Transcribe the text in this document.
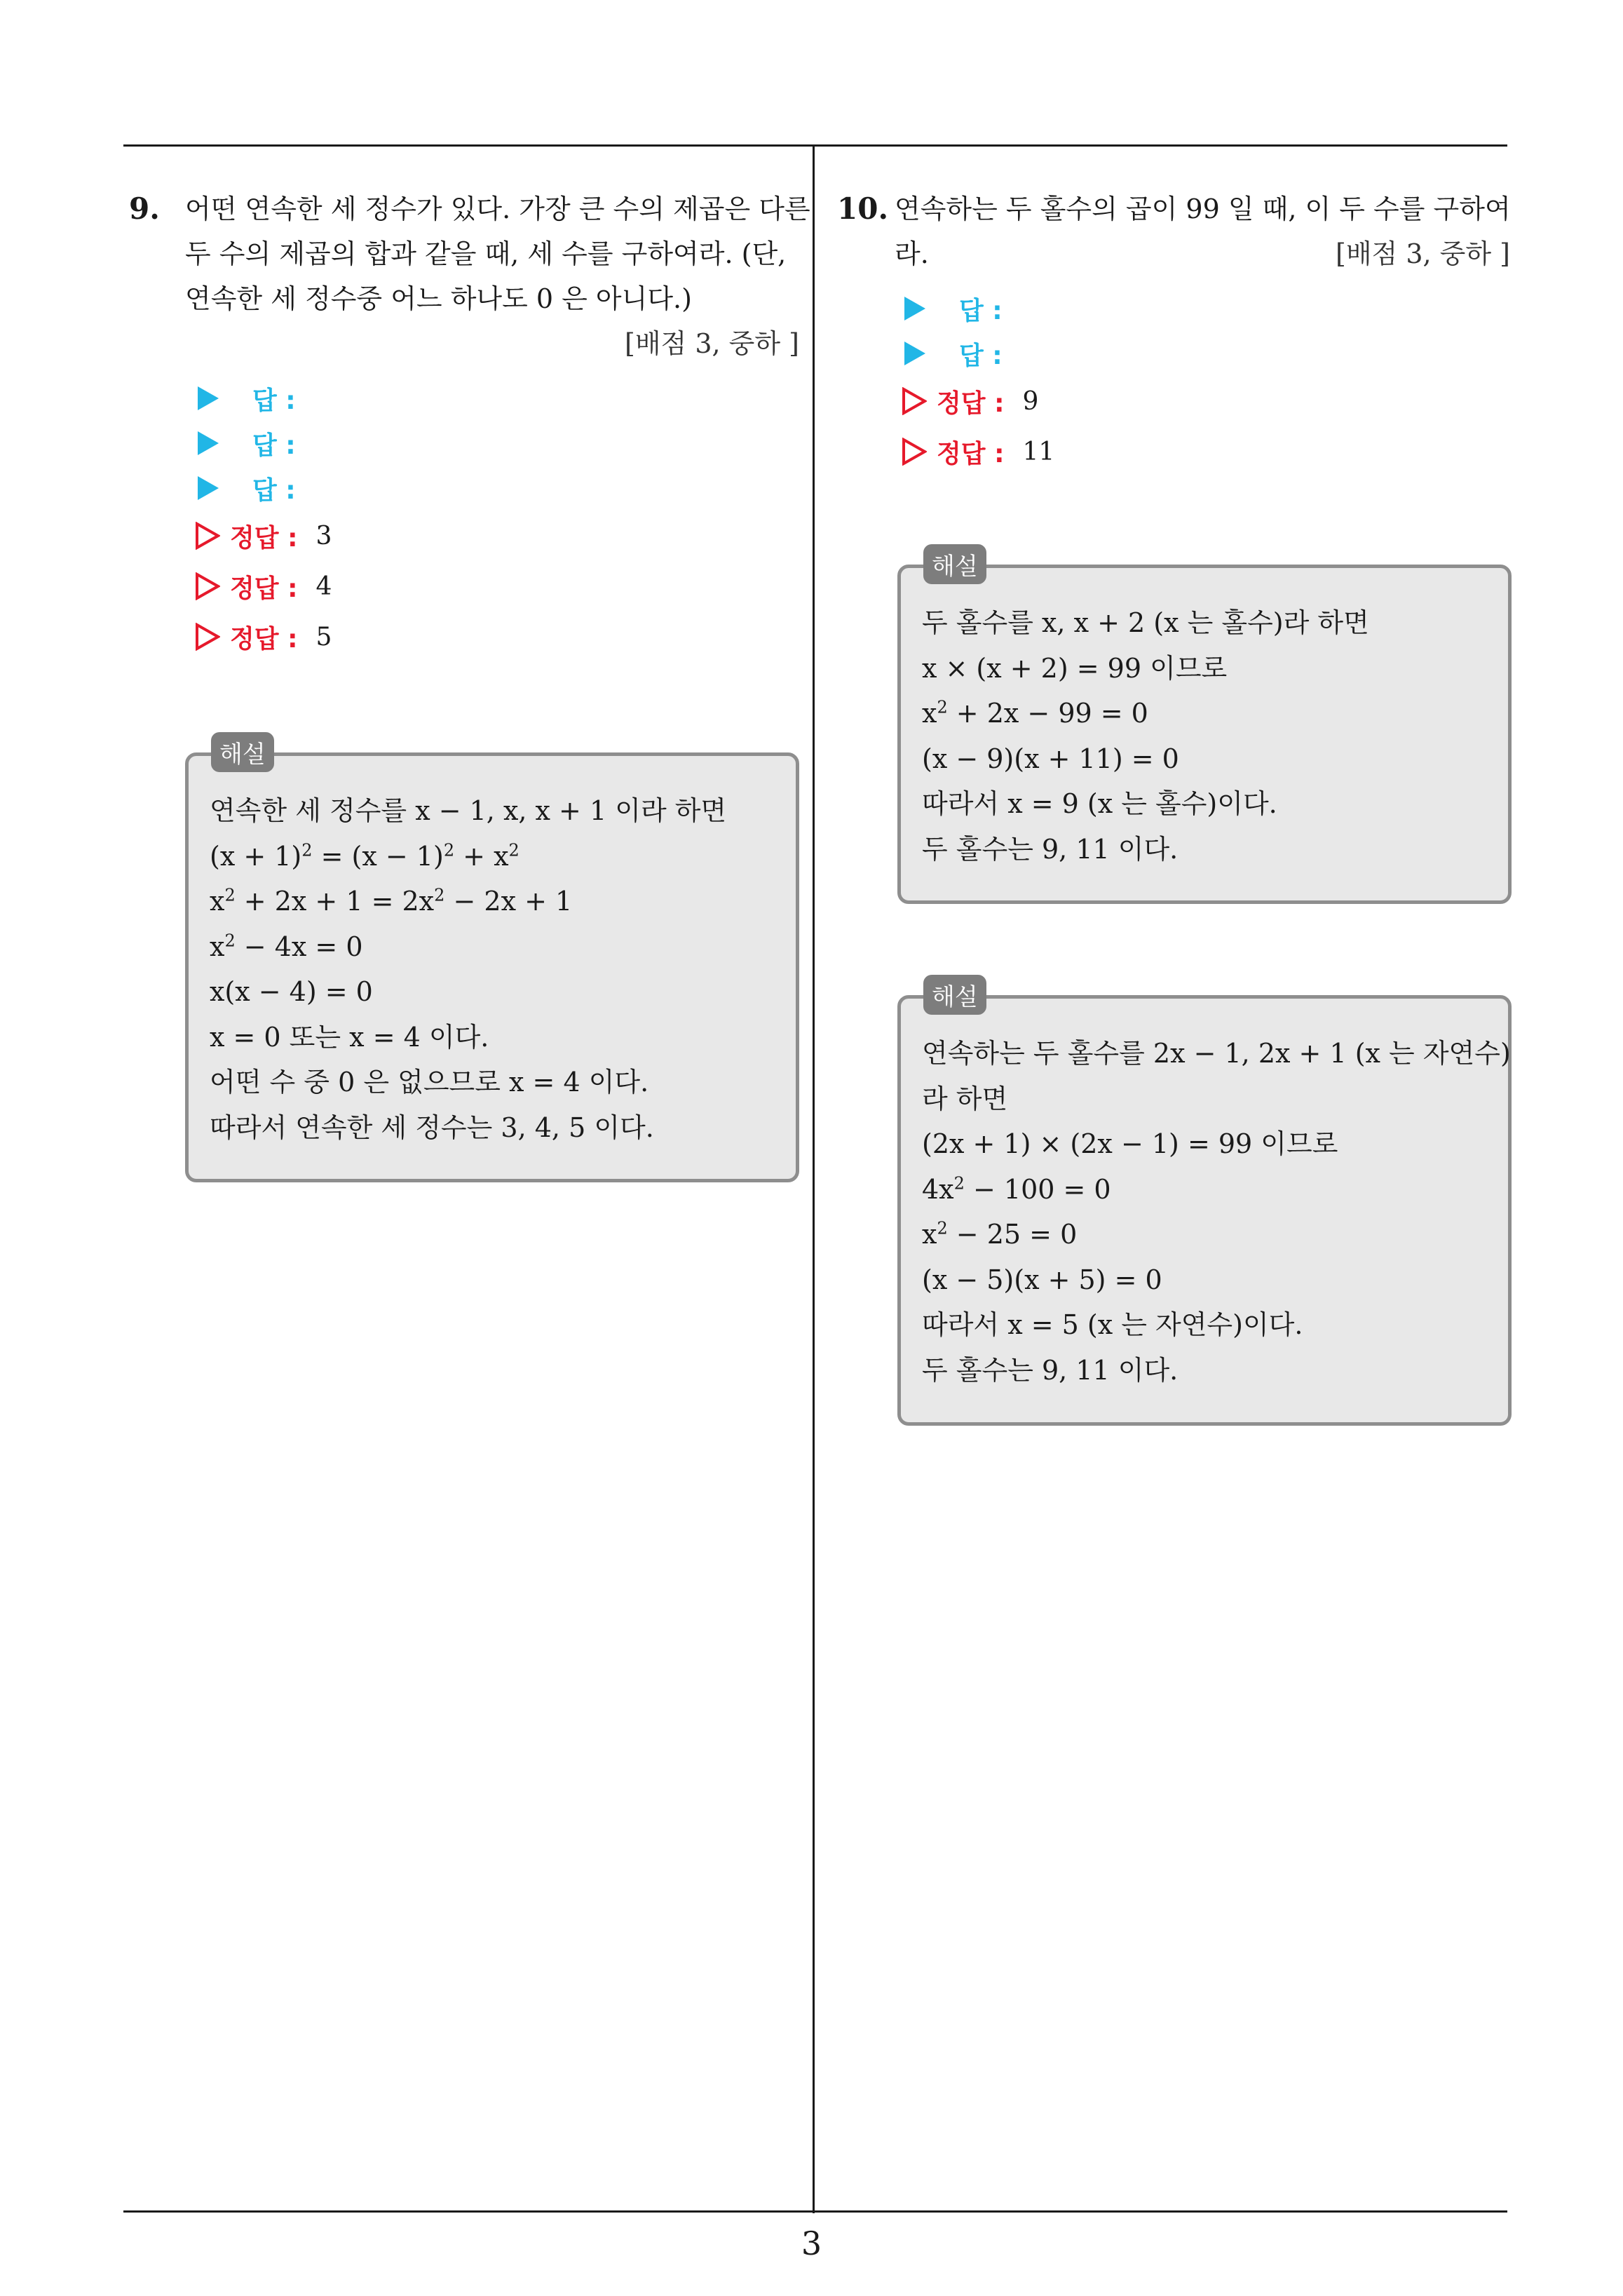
9. 어떤 연속한 세 정수가 있다. 가장 큰 수의 제곱은 다른
두 수의 제곱의 합과 같을 때, 세 수를 구하여라. (단,
연속한 세 정수중 어느 하나도 0 은 아니다.)
[배점 3, 중하 ]
답 :
답 :
답 :
정답 : 3
정답 : 4
정답 : 5
해설
연속한 세 정수를 x − 1, x, x + 1 이라 하면
$(x + 1)^2 = (x - 1)^2 + x^2$
$x^2 + 2x + 1 = 2x^2 - 2x + 1$
$x^2 - 4x = 0$
x(x − 4) = 0
x = 0 또는 x = 4 이다.
어떤 수 중 0 은 없으므로 x = 4 이다.
따라서 연속한 세 정수는 3, 4, 5 이다.
10. 연속하는 두 홀수의 곱이 99 일 때, 이 두 수를 구하여
라.	[배점 3, 중하 ]
답 :
답 :
정답 : 9
정답 : 11
해설
두 홀수를 x, x + 2 (x 는 홀수)라 하면
x × (x + 2) = 99 이므로
$x^2 + 2x - 99 = 0$
(x − 9)(x + 11) = 0
따라서 x = 9 (x 는 홀수)이다.
두 홀수는 9, 11 이다.
해설
연속하는 두 홀수를 2x − 1, 2x + 1 (x 는 자연수)
라 하면
(2x + 1) × (2x − 1) = 99 이므로
$4x^2 - 100 = 0$
$x^2 - 25 = 0$
(x − 5)(x + 5) = 0
따라서 x = 5 (x 는 자연수)이다.
두 홀수는 9, 11 이다.
3
